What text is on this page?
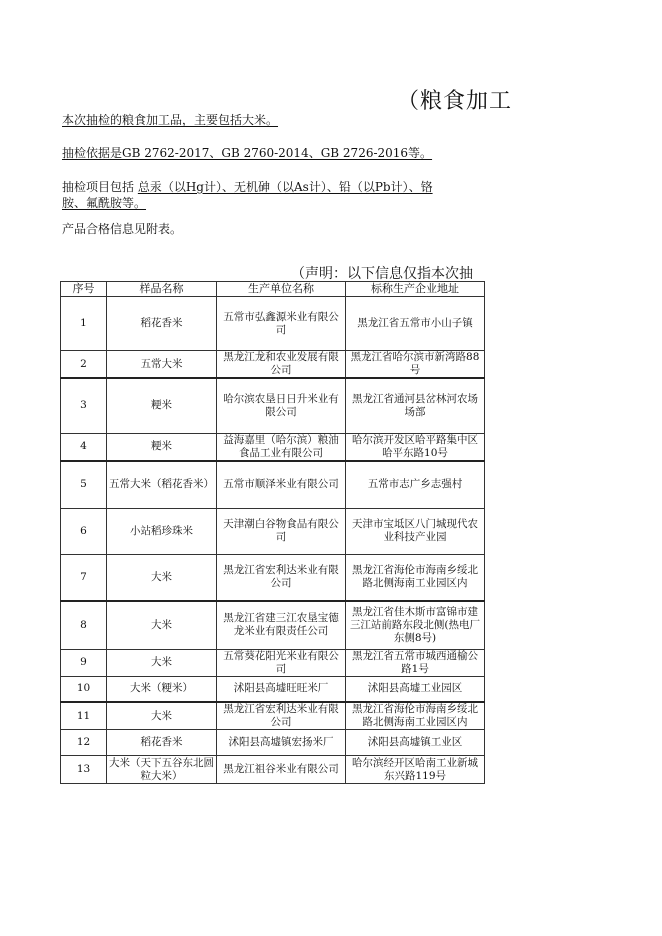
（粮食加工
本次抽检的粮食加工品，主要包括大米。
抽检依据是GB 2762-2017、GB 2760-2014、GB 2726-2016等。
抽检项目包括 总汞（以Hg计）、无机砷（以As计）、铅（以Pb计）、铬
胺、氟酰胺等。
产品合格信息见附表。
（声明：以下信息仅指本次抽
序号	样品名称	生产单位名称	标称生产企业地址
1	稻花香米	五常市弘鑫源米业有限公司	黑龙江省五常市小山子镇
2	五常大米	黑龙江龙和农业发展有限公司	黑龙江省哈尔滨市新湾路88号
3	粳米	哈尔滨农垦日日升米业有限公司	黑龙江省通河县岔林河农场场部
4	粳米	益海嘉里（哈尔滨）粮油食品工业有限公司	哈尔滨开发区哈平路集中区哈平东路10号
5	五常大米（稻花香米）	五常市顺泽米业有限公司	五常市志广乡志强村
6	小站稻珍珠米	天津潮白谷物食品有限公司	天津市宝坻区八门城现代农业科技产业园
7	大米	黑龙江省宏利达米业有限公司	黑龙江省海伦市海南乡绥北路北侧海南工业园区内
8	大米	黑龙江省建三江农垦宝德龙米业有限责任公司	黑龙江省佳木斯市富锦市建三江站前路东段北侧(热电厂东侧8号)
9	大米	五常葵花阳光米业有限公司	黑龙江省五常市城西通榆公路1号
10	大米（粳米）	沭阳县高墟旺旺米厂	沭阳县高墟工业园区
11	大米	黑龙江省宏利达米业有限公司	黑龙江省海伦市海南乡绥北路北侧海南工业园区内
12	稻花香米	沭阳县高墟镇宏扬米厂	沭阳县高墟镇工业区
13	大米（天下五谷东北圆粒大米）	黑龙江祖谷米业有限公司	哈尔滨经开区哈南工业新城东兴路119号
